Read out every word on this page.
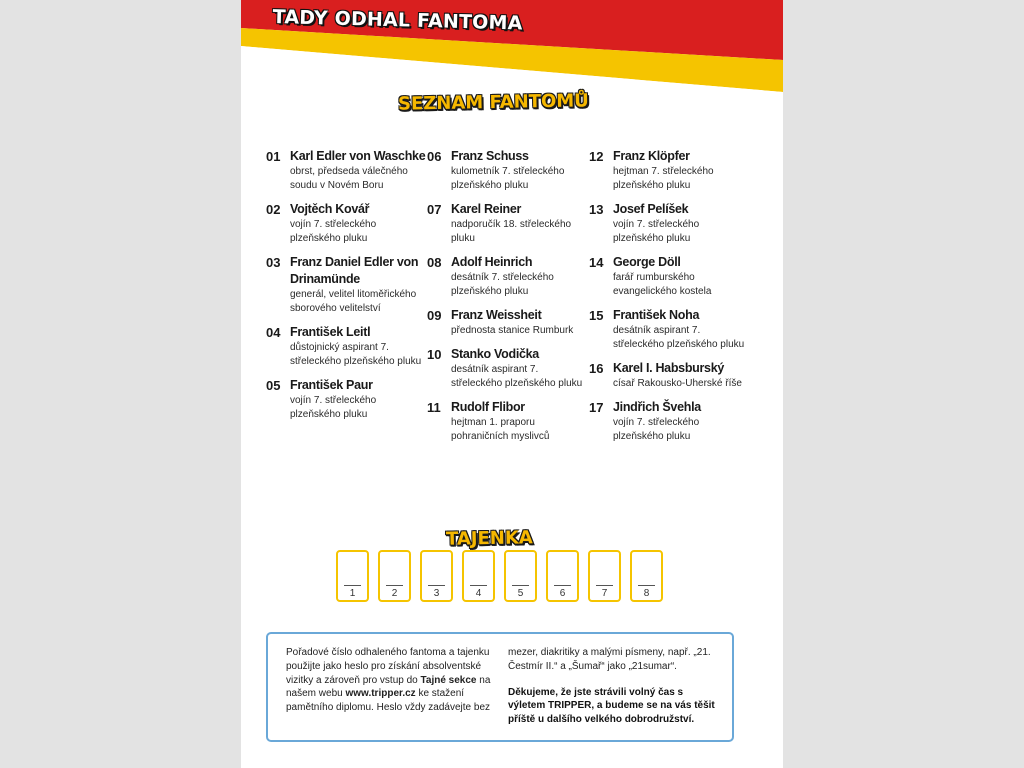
TADY ODHAL FANTOMA
SEZNAM FANTOMŮ
01 Karl Edler von Waschke
obrst, předseda válečného soudu v Novém Boru
02 Vojtěch Kovář
vojín 7. střeleckého plzeňského pluku
03 Franz Daniel Edler von Drinamünde
generál, velitel litoměřického sborového velitelství
04 František Leitl
důstojnický aspirant 7. střeleckého plzeňského pluku
05 František Paur
vojín 7. střeleckého plzeňského pluku
06 Franz Schuss
kulometník 7. střeleckého plzeňského pluku
07 Karel Reiner
nadporučík 18. střeleckého pluku
08 Adolf Heinrich
desátník 7. střeleckého plzeňského pluku
09 Franz Weissheit
přednosta stanice Rumburk
10 Stanko Vodička
desátník aspirant 7. střeleckého plzeňského pluku
11 Rudolf Flibor
hejtman 1. praporu pohraničních myslivců
12 Franz Klöpfer
hejtman 7. střeleckého plzeňského pluku
13 Josef Pelíšek
vojín 7. střeleckého plzeňského pluku
14 George Döll
farář rumburského evangelického kostela
15 František Noha
desátník aspirant 7. střeleckého plzeňského pluku
16 Karel I. Habsburský
císař Rakousko-Uherské říše
17 Jindřich Švehla
vojín 7. střeleckého plzeňského pluku
TAJENKA
1	2	3	4	5	6	7	8
Pořadové číslo odhaleného fantoma a tajenku použijte jako heslo pro získání absolventské vizitky a zároveň pro vstup do Tajné sekce na našem webu www.tripper.cz ke stažení pamětního diplomu. Heslo vždy zadávejte bez

mezer, diakritiky a malými písmeny, např. „21. Čestmír II.“ a „Šumař“ jako „21sumar“.

Děkujeme, že jste strávili volný čas s výletem TRIPPER, a budeme se na vás těšit příště u dalšího velkého dobrodružství.
